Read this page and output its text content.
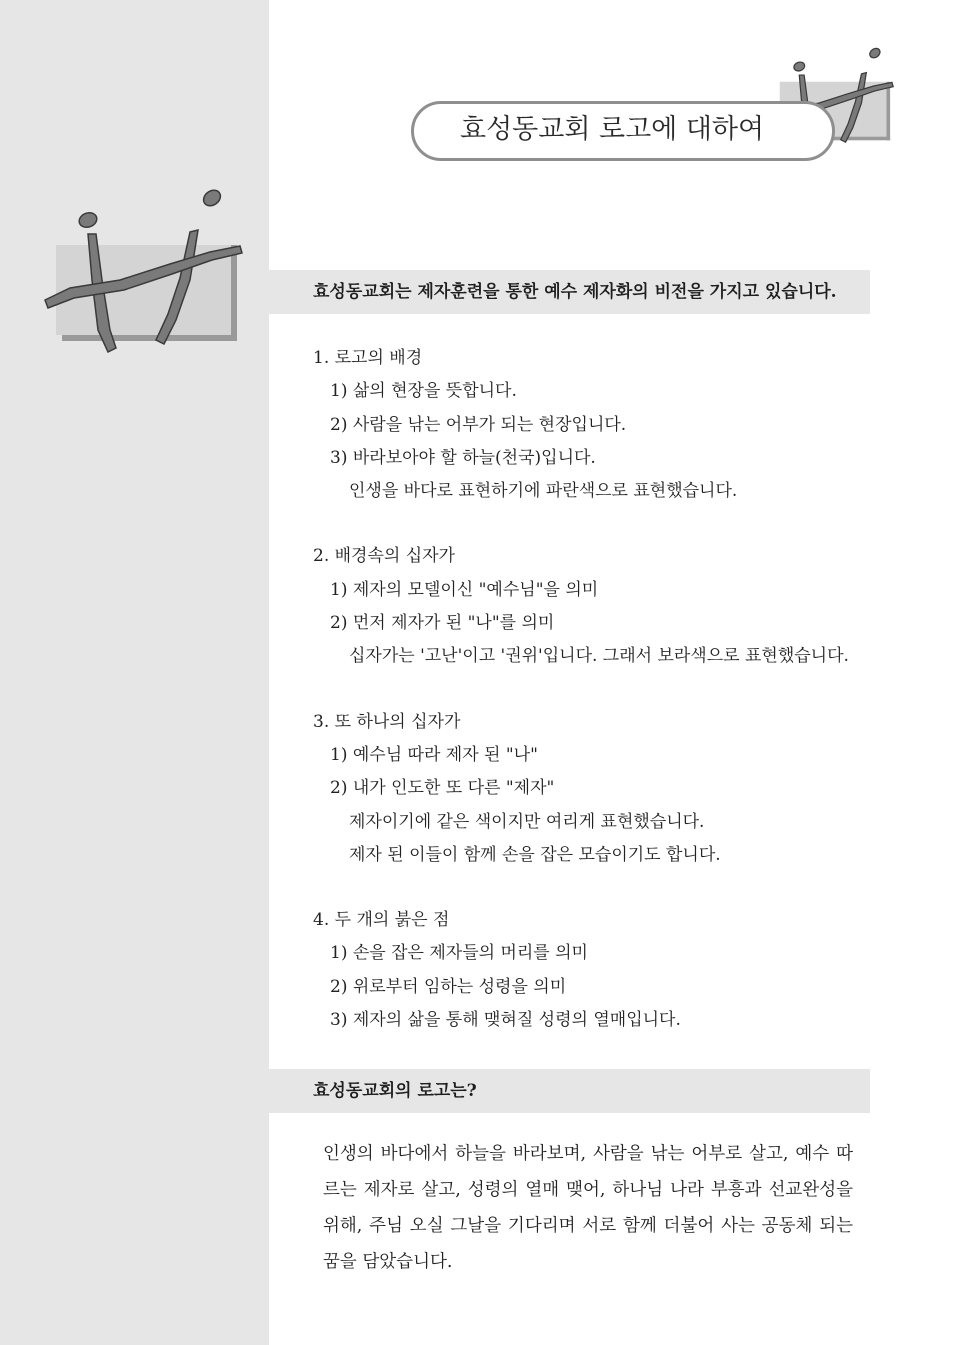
효성동교회 로고에 대하여
효성동교회는 제자훈련을 통한 예수 제자화의 비전을 가지고 있습니다.
1. 로고의 배경
1) 삶의 현장을 뜻합니다.
2) 사람을 낚는 어부가 되는 현장입니다.
3) 바라보아야 할 하늘(천국)입니다.
인생을 바다로 표현하기에 파란색으로 표현했습니다.
2. 배경속의 십자가
1) 제자의 모델이신 "예수님"을 의미
2) 먼저 제자가 된 "나"를 의미
십자가는 '고난'이고 '권위'입니다. 그래서 보라색으로 표현했습니다.
3. 또 하나의 십자가
1) 예수님 따라 제자 된 "나"
2) 내가 인도한 또 다른 "제자"
제자이기에 같은 색이지만 여리게 표현했습니다.
제자 된 이들이 함께 손을 잡은 모습이기도 합니다.
4. 두 개의 붉은 점
1) 손을 잡은 제자들의 머리를 의미
2) 위로부터 임하는 성령을 의미
3) 제자의 삶을 통해 맺혀질 성령의 열매입니다.
효성동교회의 로고는?
인생의 바다에서 하늘을 바라보며, 사람을 낚는 어부로 살고, 예수 따르는 제자로 살고, 성령의 열매 맺어, 하나님 나라 부흥과 선교완성을 위해, 주님 오실 그날을 기다리며 서로 함께 더불어 사는 공동체 되는 꿈을 담았습니다.
